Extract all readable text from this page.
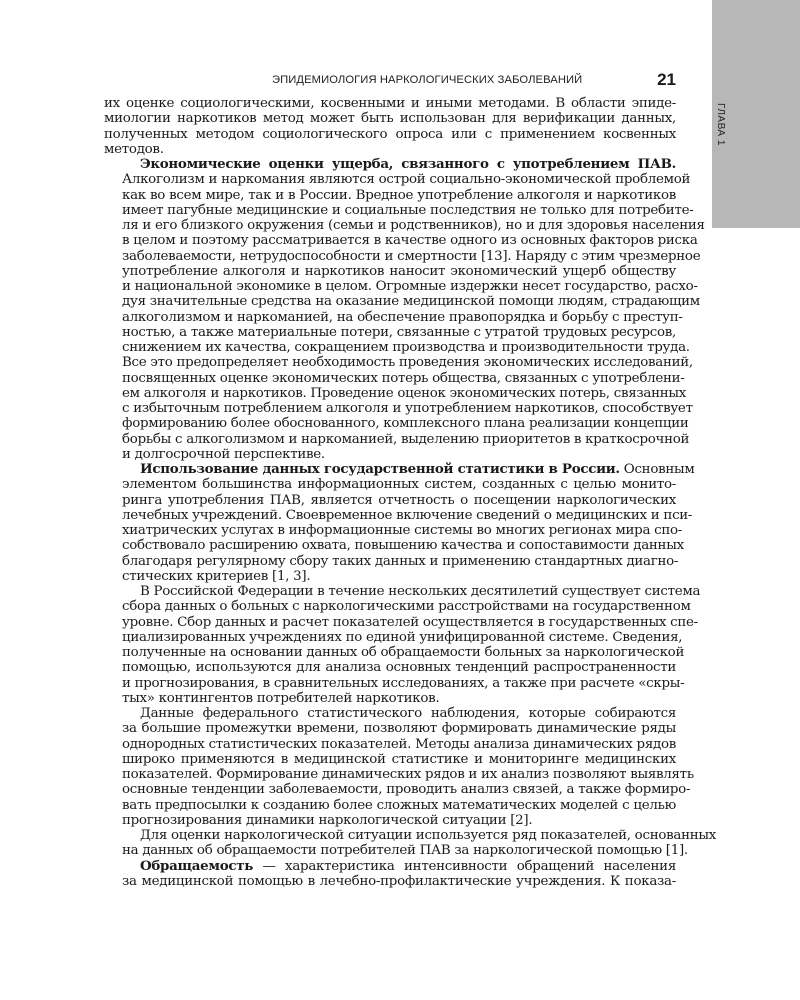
ГЛАВА 1
ЭПИДЕМИОЛОГИЯ НАРКОЛОГИЧЕСКИХ ЗАБОЛЕВАНИЙ	21

их оценке социологическими, косвенными и иными методами. В области эпиде-
миологии наркотиков метод может быть использован для верификации данных,
полученных методом социологического опроса или с применением косвенных
методов.

Экономические оценки ущерба, связанного с употреблением ПАВ.
Алкоголизм и наркомания являются острой социально-экономической проблемой
как во всем мире, так и в России. Вредное употребление алкоголя и наркотиков
имеет пагубные медицинские и социальные последствия не только для потребите-
ля и его близкого окружения (семьи и родственников), но и для здоровья населения
в целом и поэтому рассматривается в качестве одного из основных факторов риска
заболеваемости, нетрудоспособности и смертности [13]. Наряду с этим чрезмерное
употребление алкоголя и наркотиков наносит экономический ущерб обществу
и национальной экономике в целом. Огромные издержки несет государство, расхо-
дуя значительные средства на оказание медицинской помощи людям, страдающим
алкоголизмом и наркоманией, на обеспечение правопорядка и борьбу с преступ-
ностью, а также материальные потери, связанные с утратой трудовых ресурсов,
снижением их качества, сокращением производства и производительности труда.
Все это предопределяет необходимость проведения экономических исследований,
посвященных оценке экономических потерь общества, связанных с употреблени-
ем алкоголя и наркотиков. Проведение оценок экономических потерь, связанных
с избыточным потреблением алкоголя и употреблением наркотиков, способствует
формированию более обоснованного, комплексного плана реализации концепции
борьбы с алкоголизмом и наркоманией, выделению приоритетов в краткосрочной
и долгосрочной перспективе.

Использование данных государственной статистики в России. Основным
элементом большинства информационных систем, созданных с целью монито-
ринга употребления ПАВ, является отчетность о посещении наркологических
лечебных учреждений. Своевременное включение сведений о медицинских и пси-
хиатрических услугах в информационные системы во многих регионах мира спо-
собствовало расширению охвата, повышению качества и сопоставимости данных
благодаря регулярному сбору таких данных и применению стандартных диагно-
стических критериев [1, 3].

В Российской Федерации в течение нескольких десятилетий существует система
сбора данных о больных с наркологическими расстройствами на государственном
уровне. Сбор данных и расчет показателей осуществляется в государственных спе-
циализированных учреждениях по единой унифицированной системе. Сведения,
полученные на основании данных об обращаемости больных за наркологической
помощью, используются для анализа основных тенденций распространенности
и прогнозирования, в сравнительных исследованиях, а также при расчете «скры-
тых» контингентов потребителей наркотиков.

Данные федерального статистического наблюдения, которые собираются
за большие промежутки времени, позволяют формировать динамические ряды
однородных статистических показателей. Методы анализа динамических рядов
широко применяются в медицинской статистике и мониторинге медицинских
показателей. Формирование динамических рядов и их анализ позволяют выявлять
основные тенденции заболеваемости, проводить анализ связей, а также формиро-
вать предпосылки к созданию более сложных математических моделей с целью
прогнозирования динамики наркологической ситуации [2].

Для оценки наркологической ситуации используется ряд показателей, основанных
на данных об обращаемости потребителей ПАВ за наркологической помощью [1].

Обращаемость — характеристика интенсивности обращений населения
за медицинской помощью в лечебно-профилактические учреждения. К показа-
